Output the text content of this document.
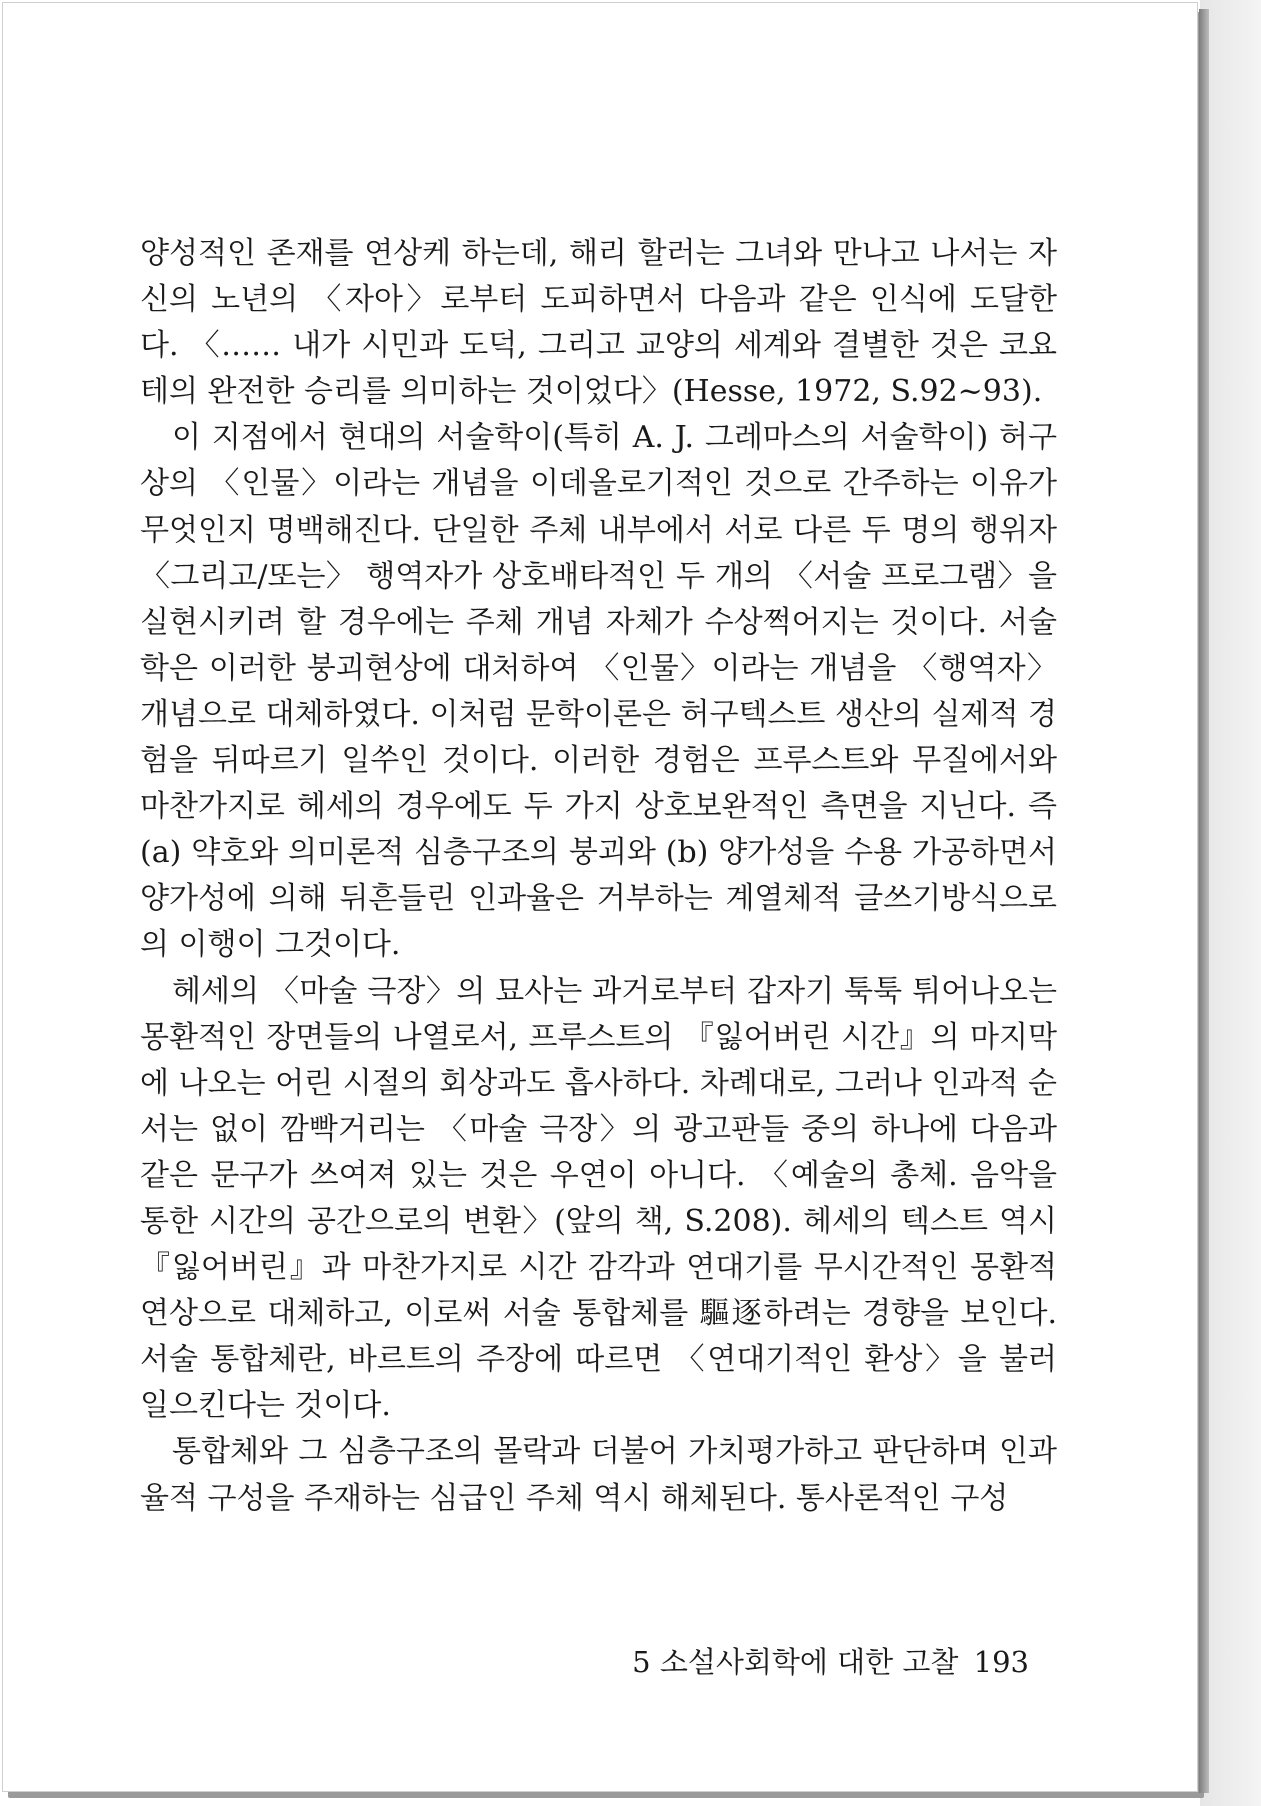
양성적인 존재를 연상케 하는데, 해리 할러는 그녀와 만나고 나서는 자신의 노년의 〈자아〉로부터 도피하면서 다음과 같은 인식에 도달한다. 〈…… 내가 시민과 도덕, 그리고 교양의 세계와 결별한 것은 코요테의 완전한 승리를 의미하는 것이었다〉(Hesse, 1972, S.92~93).

이 지점에서 현대의 서술학이(특히 A. J. 그레마스의 서술학이) 허구상의 〈인물〉이라는 개념을 이데올로기적인 것으로 간주하는 이유가 무엇인지 명백해진다. 단일한 주체 내부에서 서로 다른 두 명의 행위자〈그리고/또는〉 행역자가 상호배타적인 두 개의 〈서술 프로그램〉을 실현시키려 할 경우에는 주체 개념 자체가 수상쩍어지는 것이다. 서술학은 이러한 붕괴현상에 대처하여 〈인물〉이라는 개념을 〈행역자〉 개념으로 대체하였다. 이처럼 문학이론은 허구텍스트 생산의 실제적 경험을 뒤따르기 일쑤인 것이다. 이러한 경험은 프루스트와 무질에서와 마찬가지로 헤세의 경우에도 두 가지 상호보완적인 측면을 지닌다. 즉 (a) 약호와 의미론적 심층구조의 붕괴와 (b) 양가성을 수용 가공하면서 양가성에 의해 뒤흔들린 인과율은 거부하는 계열체적 글쓰기방식으로의 이행이 그것이다.

헤세의 〈마술 극장〉의 묘사는 과거로부터 갑자기 툭툭 튀어나오는 몽환적인 장면들의 나열로서, 프루스트의 『잃어버린 시간』의 마지막에 나오는 어린 시절의 회상과도 흡사하다. 차례대로, 그러나 인과적 순서는 없이 깜빡거리는 〈마술 극장〉의 광고판들 중의 하나에 다음과 같은 문구가 쓰여져 있는 것은 우연이 아니다. 〈예술의 총체. 음악을 통한 시간의 공간으로의 변환〉(앞의 책, S.208). 헤세의 텍스트 역시 『잃어버린』과 마찬가지로 시간 감각과 연대기를 무시간적인 몽환적 연상으로 대체하고, 이로써 서술 통합체를 驅逐하려는 경향을 보인다. 서술 통합체란, 바르트의 주장에 따르면 〈연대기적인 환상〉을 불러일으킨다는 것이다.

통합체와 그 심층구조의 몰락과 더불어 가치평가하고 판단하며 인과율적 구성을 주재하는 심급인 주체 역시 해체된다. 통사론적인 구성

5 소설사회학에 대한 고찰 193
